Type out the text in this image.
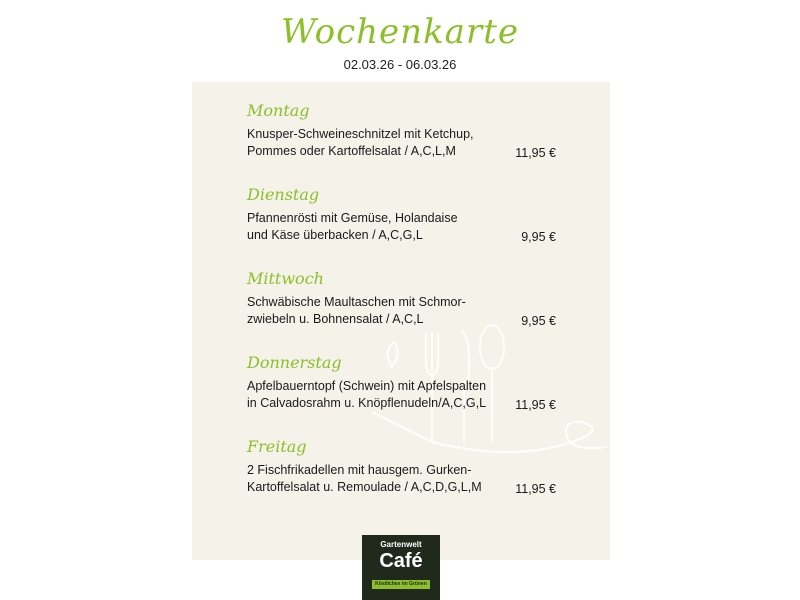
Wochenkarte
02.03.26 - 06.03.26
Montag
Knusper-Schweineschnitzel mit Ketchup,
Pommes oder Kartoffelsalat / A,C,L,M	11,95 €
Dienstag
Pfannenrösti mit Gemüse, Holandaise
und Käse überbacken / A,C,G,L	9,95 €
Mittwoch
Schwäbische Maultaschen mit Schmor-
zwiebeln u. Bohnensalat / A,C,L	9,95 €
Donnerstag
Apfelbauerntopf (Schwein) mit Apfelspalten
in Calvadosrahm u. Knöpflenudeln/A,C,G,L	11,95 €
Freitag
2 Fischfrikadellen mit hausgem. Gurken-
Kartoffelsalat u. Remoulade / A,C,D,G,L,M	11,95 €
Gartenwelt
Café
Köstliches im Grünen
